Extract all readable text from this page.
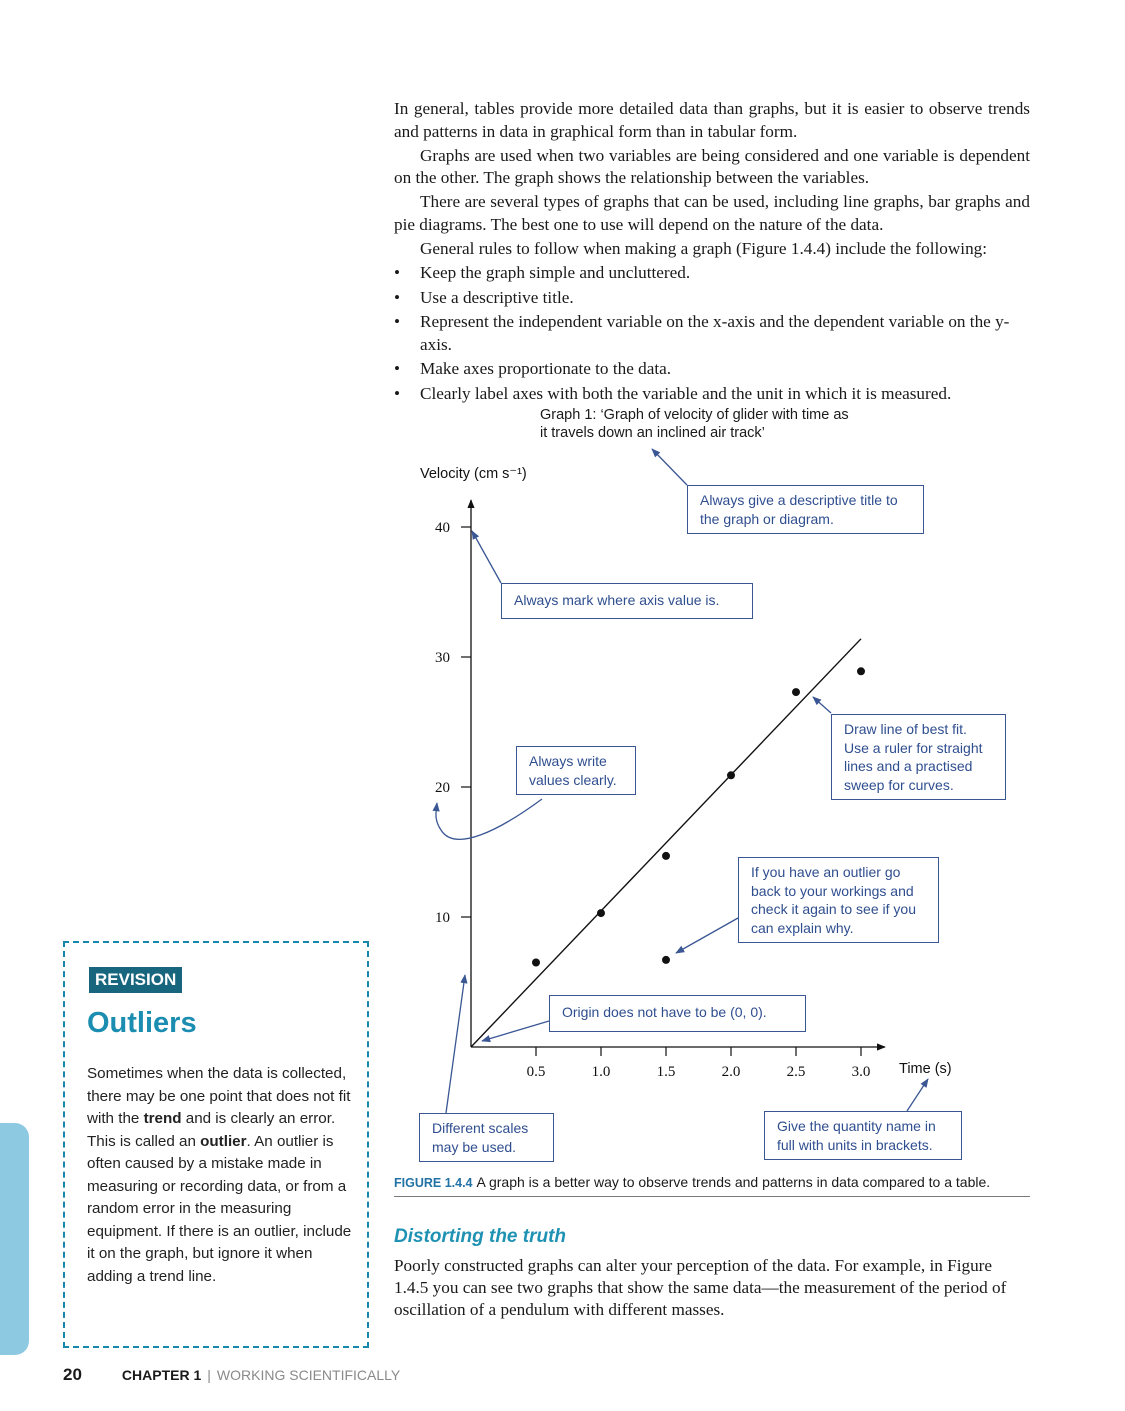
In general, tables provide more detailed data than graphs, but it is easier to observe trends and patterns in data in graphical form than in tabular form.

Graphs are used when two variables are being considered and one variable is dependent on the other. The graph shows the relationship between the variables.

There are several types of graphs that can be used, including line graphs, bar graphs and pie diagrams. The best one to use will depend on the nature of the data.

General rules to follow when making a graph (Figure 1.4.4) include the following:

• Keep the graph simple and uncluttered.
• Use a descriptive title.
• Represent the independent variable on the x-axis and the dependent variable on the y-axis.
• Make axes proportionate to the data.
• Clearly label axes with both the variable and the unit in which it is measured.
10
20
30
40
0.5	1.0	1.5	2.0	2.5	3.0
Velocity (cm s⁻¹)
Time (s)
Graph 1: ‘Graph of velocity of glider with time as
it travels down an inclined air track’
Always give a descriptive title to the graph or diagram.
Always mark where axis value is.
Always write values clearly.
Draw line of best fit. Use a ruler for straight lines and a practised sweep for curves.
If you have an outlier go back to your workings and check it again to see if you can explain why.
Origin does not have to be (0, 0).
Different scales may be used.
Give the quantity name in full with units in brackets.
FIGURE 1.4.4 A graph is a better way to observe trends and patterns in data compared to a table.
Distorting the truth

Poorly constructed graphs can alter your perception of the data. For example, in Figure 1.4.5 you can see two graphs that show the same data—the measurement of the period of oscillation of a pendulum with different masses.

REVISION
Outliers

Sometimes when the data is collected, there may be one point that does not fit with the trend and is clearly an error. This is called an outlier. An outlier is often caused by a mistake made in measuring or recording data, or from a random error in the measuring equipment. If there is an outlier, include it on the graph, but ignore it when adding a trend line.

20	CHAPTER 1 | WORKING SCIENTIFICALLY
